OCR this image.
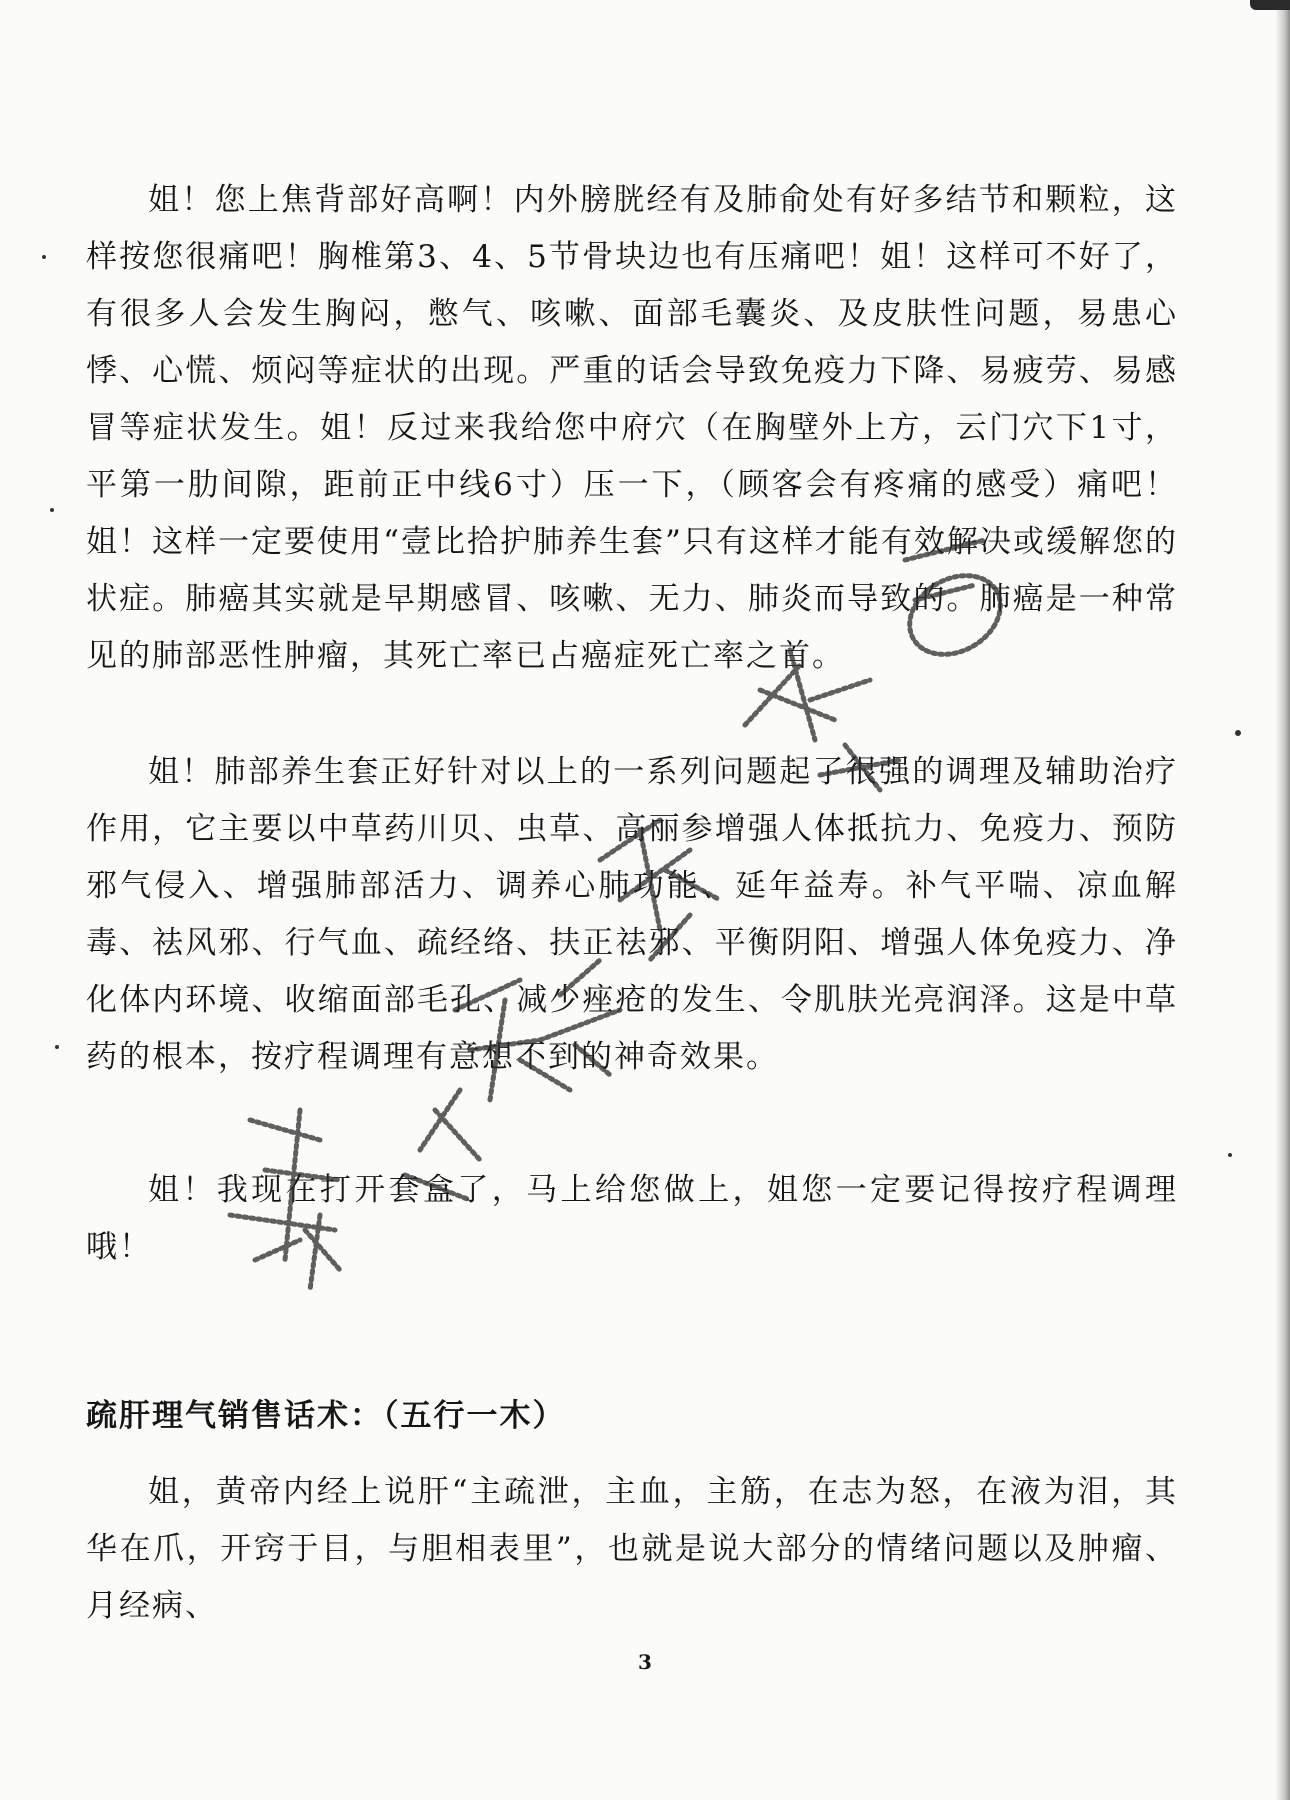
姐！您上焦背部好高啊！内外膀胱经有及肺俞处有好多结节和颗粒，这样按您很痛吧！胸椎第3、4、5节骨块边也有压痛吧！姐！这样可不好了，有很多人会发生胸闷，憋气、咳嗽、面部毛囊炎、及皮肤性问题，易患心悸、心慌、烦闷等症状的出现。严重的话会导致免疫力下降、易疲劳、易感冒等症状发生。姐！反过来我给您中府穴（在胸壁外上方，云门穴下1寸，平第一肋间隙，距前正中线6寸）压一下，（顾客会有疼痛的感受）痛吧！姐！这样一定要使用“壹比拾护肺养生套”只有这样才能有效解决或缓解您的状症。肺癌其实就是早期感冒、咳嗽、无力、肺炎而导致的。肺癌是一种常见的肺部恶性肿瘤，其死亡率已占癌症死亡率之首。

姐！肺部养生套正好针对以上的一系列问题起了很强的调理及辅助治疗作用，它主要以中草药川贝、虫草、高丽参增强人体抵抗力、免疫力、预防邪气侵入、增强肺部活力、调养心肺功能、延年益寿。补气平喘、凉血解毒、祛风邪、行气血、疏经络、扶正祛邪、平衡阴阳、增强人体免疫力、净化体内环境、收缩面部毛孔、减少痤疮的发生、令肌肤光亮润泽。这是中草药的根本，按疗程调理有意想不到的神奇效果。

姐！我现在打开套盒了，马上给您做上，姐您一定要记得按疗程调理哦！

疏肝理气销售话术：（五行一木）

姐，黄帝内经上说肝“主疏泄，主血，主筋，在志为怒，在液为泪，其华在爪，开窍于目，与胆相表里”，也就是说大部分的情绪问题以及肿瘤、月经病、

3
